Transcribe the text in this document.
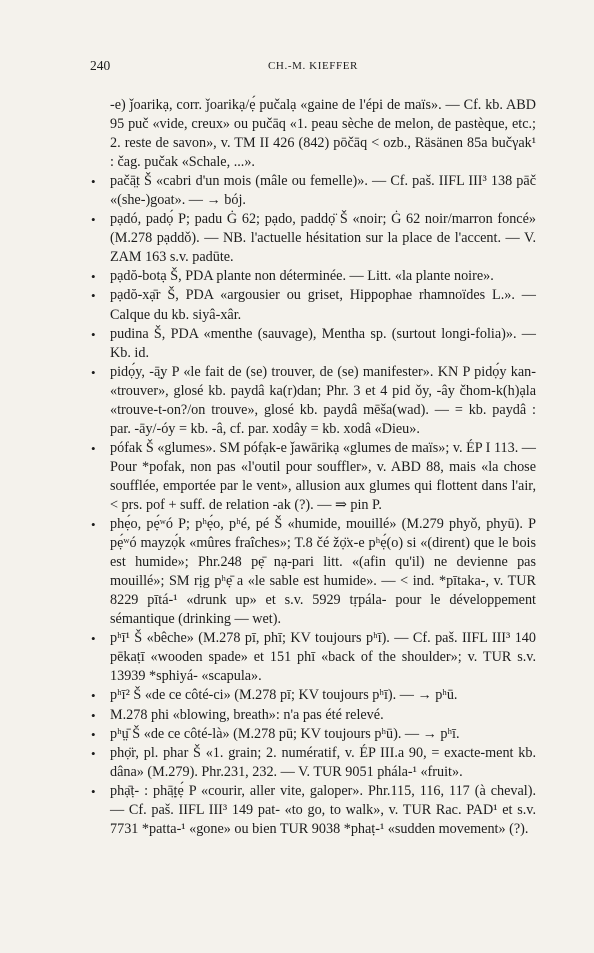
240	CH.-M. KIEFFER

-e) ǰoarikạ, corr. ǰoarikạ/ẹ́ pučalạ «gaine de l'épi de maïs». — Cf. kb. ABD 95 puč «vide, creux» ou pučāq «1. peau sèche de melon, de pastèque, etc.; 2. reste de savon», v. TM II 426 (842) pōčāq < ozb., Räsänen 85a bučγak¹ : čag. pučak «Schale, ...».

• pačā̤t Š «cabri d'un mois (mâle ou femelle)». — Cf. paš. IIFL III³ 138 pāč «(she-)goat». — → bój.

• pạdó, padọ́ P; padu Ġ 62; pạdo, paddọ̈ Š «noir; Ġ 62 noir/marron foncé» (M.278 pạddǒ). — NB. l'actuelle hésitation sur la place de l'accent. — V. ZAM 163 s.v. padūte.

• pạdŏ-botạ Š, PDA plante non déterminée. — Litt. «la plante noire».

• pạdŏ-xạ̄r Š, PDA «argousier ou griset, Hippophae rhamnoïdes L.». — Calque du kb. siyâ-xâr.

• pudina Š, PDA «menthe (sauvage), Mentha sp. (surtout longi-folia)». — Kb. id.

• pidọ́y, -ā̤y P «le fait de (se) trouver, de (se) manifester». KN P pidọ́y kan- «trouver», glosé kb. paydâ ka(r)dan; Phr. 3 et 4 pid ǒy, -ây čhom-k(h)ạla «trouve-t-on?/on trouve», glosé kb. paydâ mēša(wad). — = kb. paydâ : par. -āy/-óy = kb. -â, cf. par. xodây = kb. xodâ «Dieu».

• pófak Š «glumes». SM pófạk-e ǰawārikạ «glumes de maïs»; v. ÉP I 113. — Pour *pofak, non pas «l'outil pour souffler», v. ABD 88, mais «la chose soufflée, emportée par le vent», allusion aux glumes qui flottent dans l'air, < prs. pof + suff. de relation -ak (?). — ⇒ pin P.

• phẹ́o, pẹ́ʷó P; pʰẹ́o, pʰé, pé Š «humide, mouillé» (M.279 phyǒ, phyū). P pẹ́ʷó mayzọ́k «mûres fraîches»; T.8 čé žọ̈x-e pʰẹ́(o) si «(dirent) que le bois est humide»; Phr.248 pẹ̄ nạ-pari litt. «(afin qu'il) ne devienne pas mouillé»; SM rịg pʰẹ̄ a «le sable est humide». — < ind. *pītaka-, v. TUR 8229 pītá-¹ «drunk up» et s.v. 5929 tṛpála- pour le développement sémantique (drinking — wet).

• pʰī¹ Š «bêche» (M.278 pī, phī; KV toujours pʰī). — Cf. paš. IIFL III³ 140 pēkaṭī «wooden spade» et 151 phī «back of the shoulder»; v. TUR s.v. 13939 *sphiyá- «scapula».

• pʰī² Š «de ce côté-ci» (M.278 pī; KV toujours pʰī). — → pʰū.

• M.278 phi «blowing, breath»: n'a pas été relevé.

• pʰṳ̄ Š «de ce côté-là» (M.278 pū; KV toujours pʰū). — → pʰī.

• phọ̈r, pl. phar Š «1. grain; 2. numératif, v. ÉP III.a 90, = exacte-ment kb. dâna» (M.279). Phr.231, 232. — V. TUR 9051 phála-¹ «fruit».

• phạ̄ṭ- : phā̤ṭẹ́ P «courir, aller vite, galoper». Phr.115, 116, 117 (à cheval). — Cf. paš. IIFL III³ 149 pat- «to go, to walk», v. TUR Rac. PAD¹ et s.v. 7731 *patta-¹ «gone» ou bien TUR 9038 *phaṭ-¹ «sudden movement» (?).
